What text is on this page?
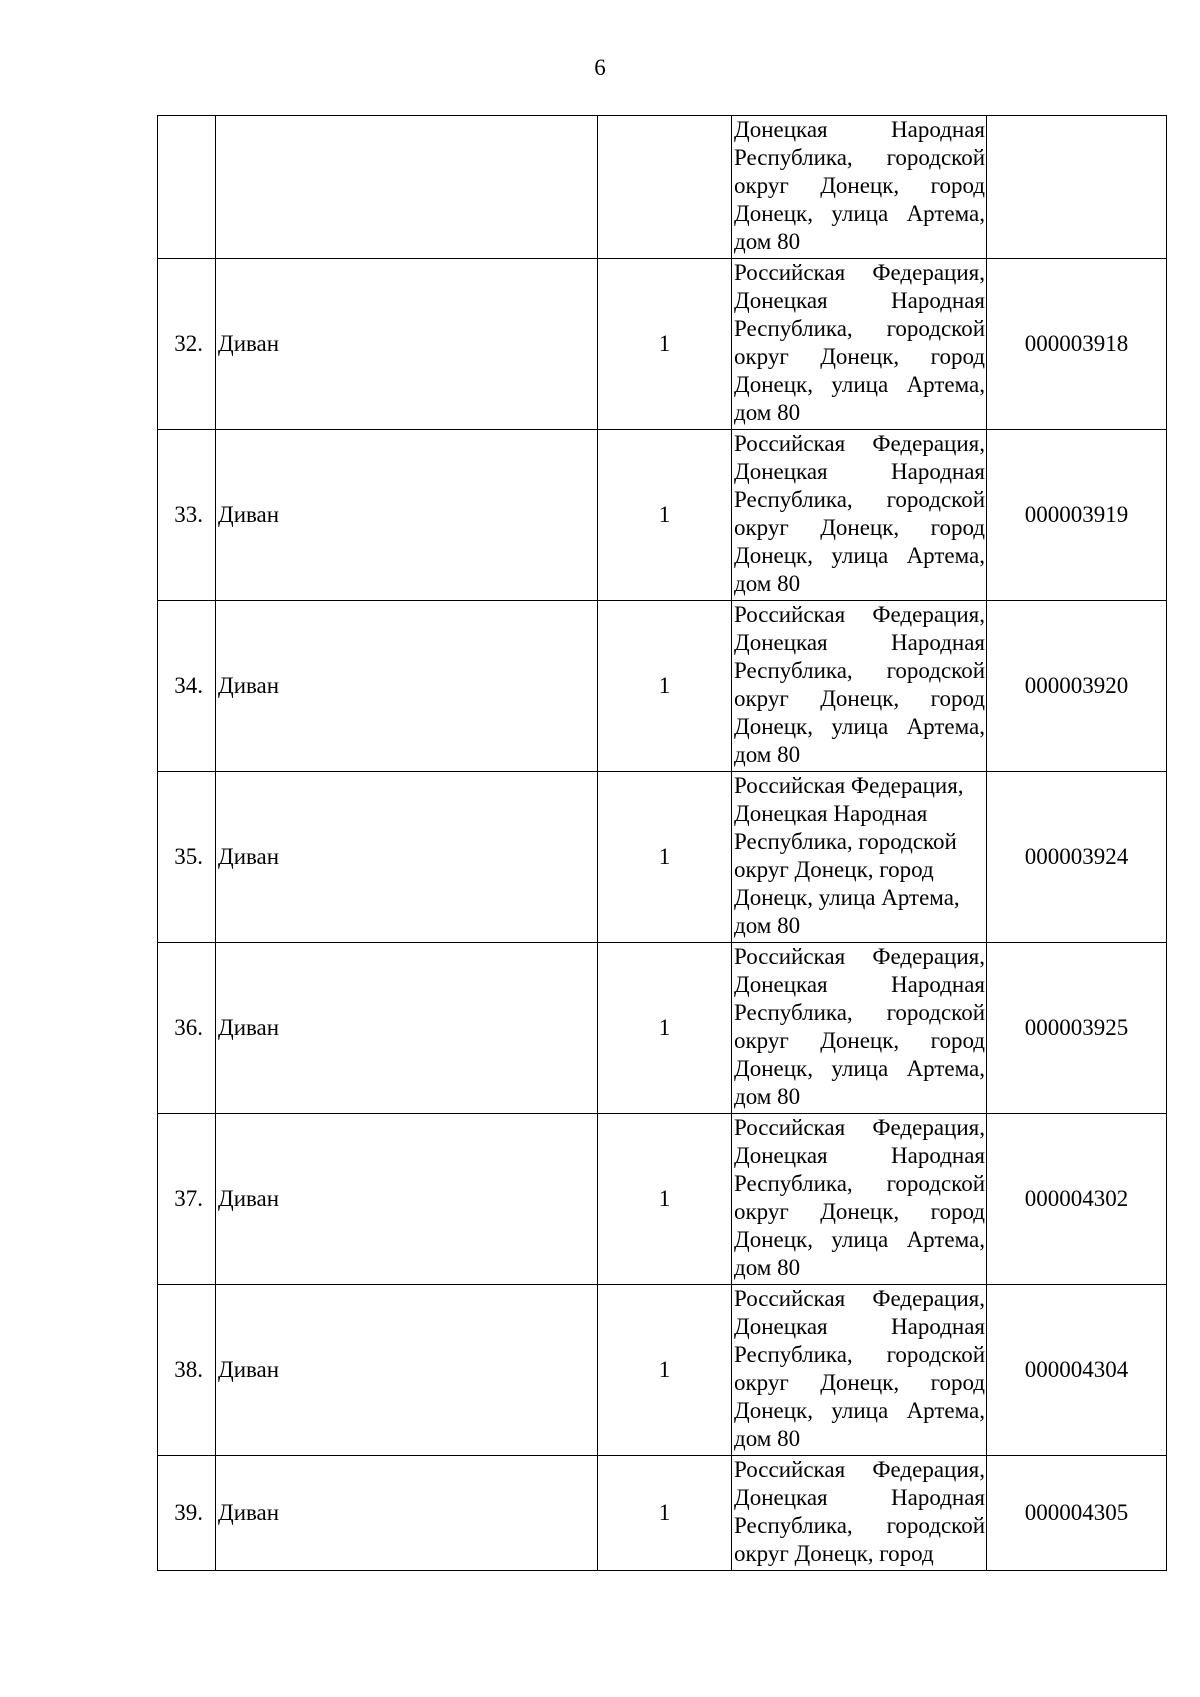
6

			Донецкая Народная Республика, городской округ Донецк, город Донецк, улица Артема, дом 80	

32.	Диван	1	Российская Федерация, Донецкая Народная Республика, городской округ Донецк, город Донецк, улица Артема, дом 80	000003918
33.	Диван	1	Российская Федерация, Донецкая Народная Республика, городской округ Донецк, город Донецк, улица Артема, дом 80	000003919
34.	Диван	1	Российская Федерация, Донецкая Народная Республика, городской округ Донецк, город Донецк, улица Артема, дом 80	000003920
35.	Диван	1	Российская Федерация, Донецкая Народная Республика, городской округ Донецк, город Донецк, улица Артема, дом 80	000003924
36.	Диван	1	Российская Федерация, Донецкая Народная Республика, городской округ Донецк, город Донецк, улица Артема, дом 80	000003925
37.	Диван	1	Российская Федерация, Донецкая Народная Республика, городской округ Донецк, город Донецк, улица Артема, дом 80	000004302
38.	Диван	1	Российская Федерация, Донецкая Народная Республика, городской округ Донецк, город Донецк, улица Артема, дом 80	000004304
39.	Диван	1	Российская Федерация, Донецкая Народная Республика, городской округ Донецк, город	000004305
